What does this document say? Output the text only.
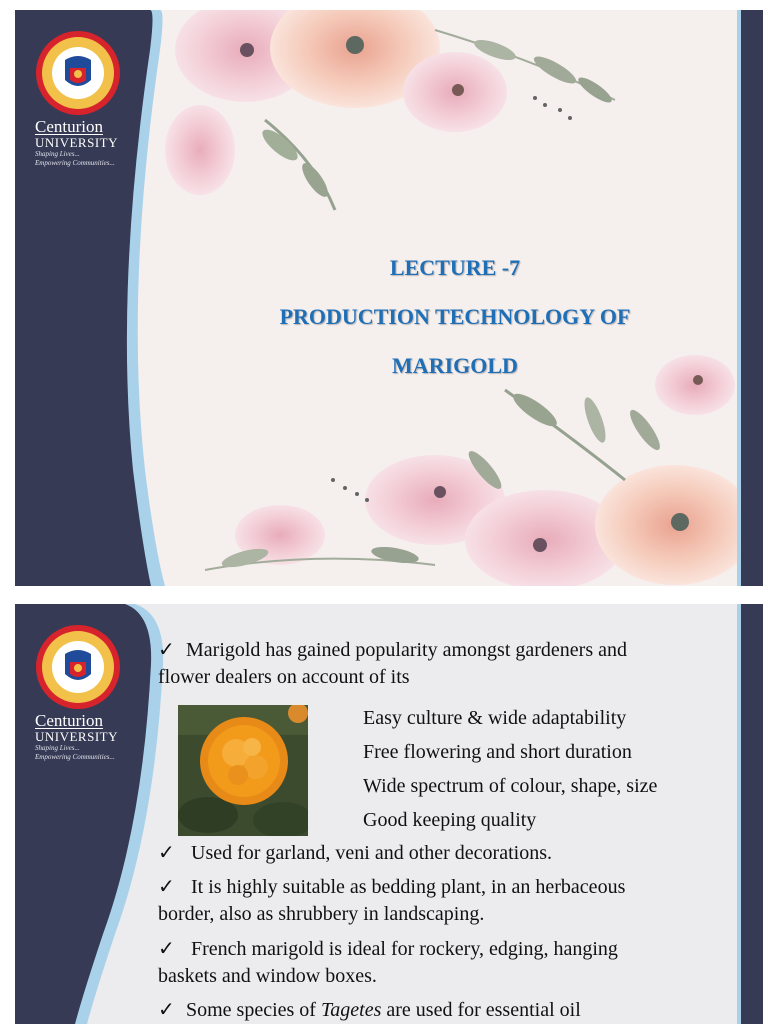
Centurion
UNIVERSITY
Shaping Lives...
Empowering Communities...
LECTURE -7
PRODUCTION TECHNOLOGY OF
MARIGOLD
Centurion
UNIVERSITY
Shaping Lives...
Empowering Communities...
✓ Marigold has gained popularity amongst gardeners and
flower dealers on account of its
Easy culture & wide adaptability
Free flowering and short duration
Wide spectrum of colour, shape, size
Good keeping quality
✓ Used for garland, veni and other decorations.
✓ It is highly suitable as bedding plant, in an herbaceous
border, also as shrubbery in landscaping.
✓ French marigold is ideal for rockery, edging, hanging
baskets and window boxes.
✓ Some species of Tagetes are used for essential oil
